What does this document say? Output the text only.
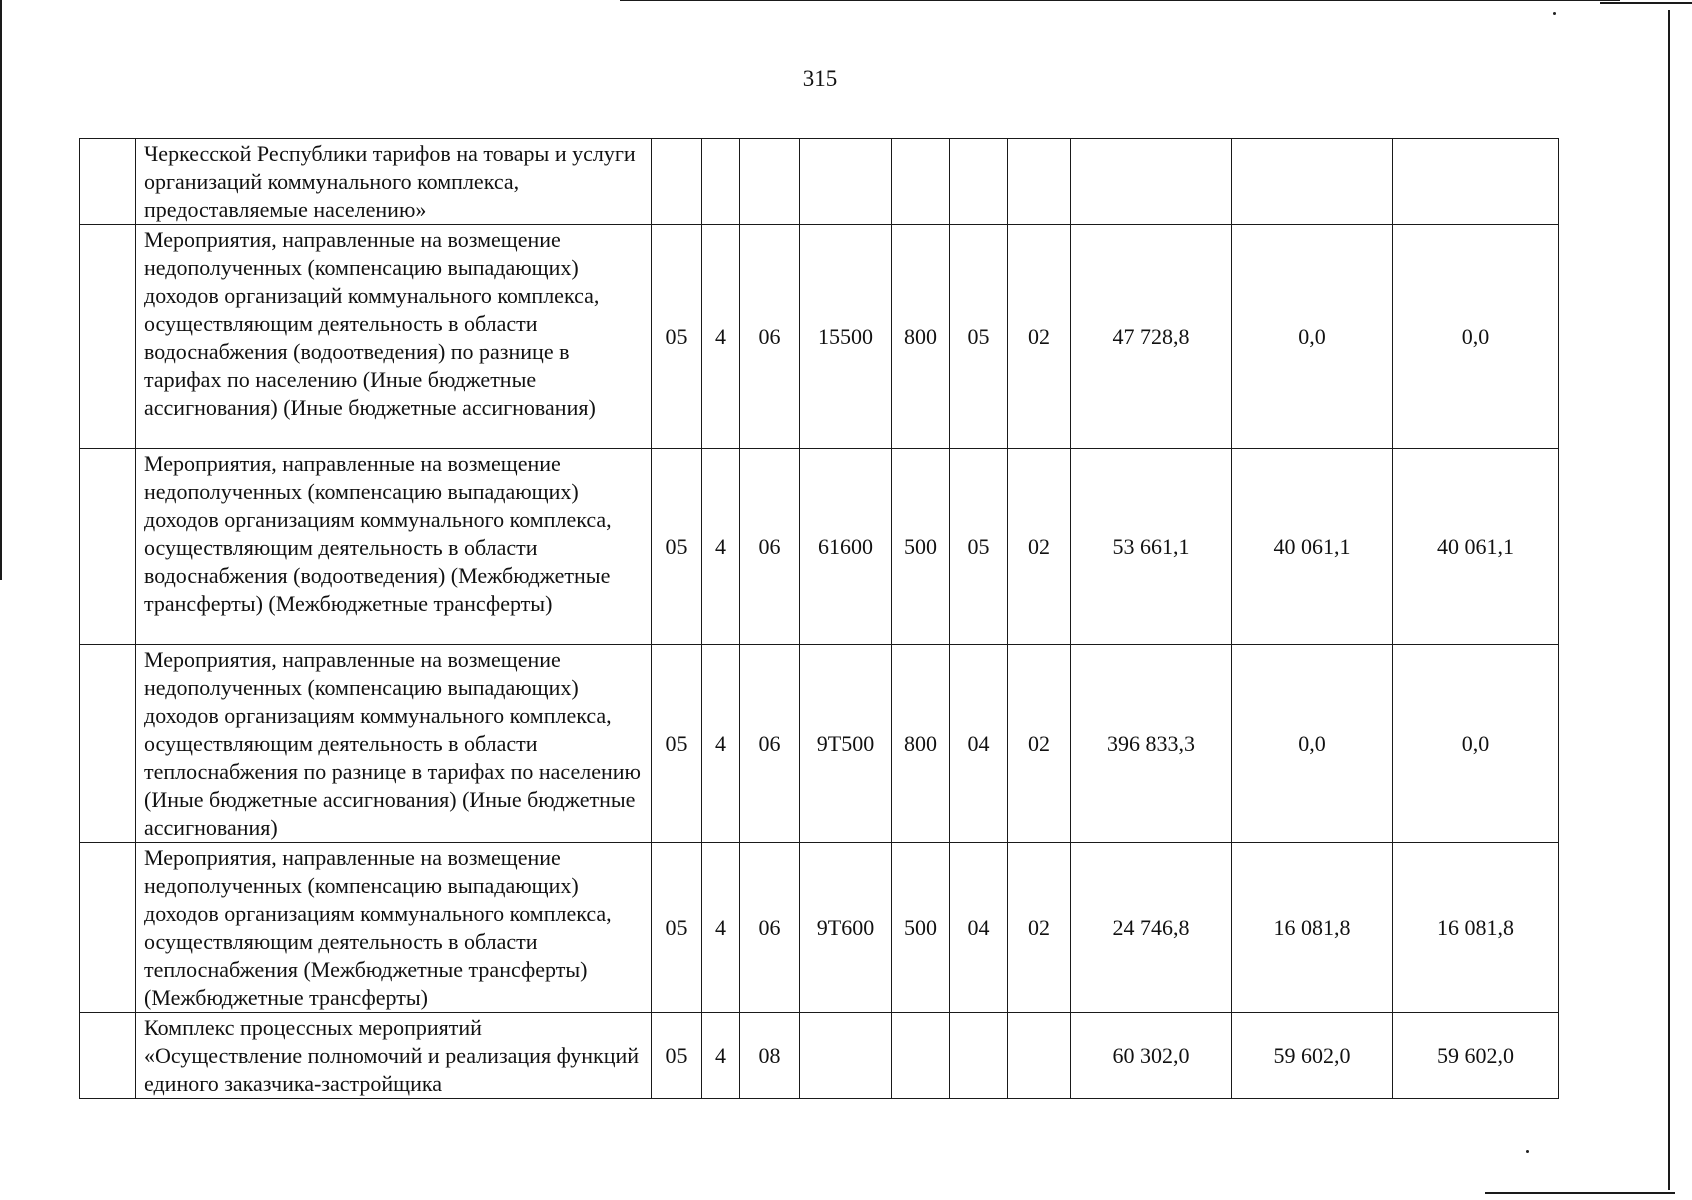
315
	Черкесской Республики тарифов на товары и услуги организаций коммунального комплекса, предоставляемые населению»										
	Мероприятия, направленные на возмещение недополученных (компенсацию выпадающих) доходов организаций коммунального комплекса, осуществляющим деятельность в области водоснабжения (водоотведения) по разнице в тарифах по населению (Иные бюджетные ассигнования) (Иные бюджетные ассигнования)	05	4	06	15500	800	05	02	47 728,8	0,0	0,0
	Мероприятия, направленные на возмещение недополученных (компенсацию выпадающих) доходов организациям коммунального комплекса, осуществляющим деятельность в области водоснабжения (водоотведения) (Межбюджетные трансферты) (Межбюджетные трансферты)	05	4	06	61600	500	05	02	53 661,1	40 061,1	40 061,1
	Мероприятия, направленные на возмещение недополученных (компенсацию выпадающих) доходов организациям коммунального комплекса, осуществляющим деятельность в области теплоснабжения по разнице в тарифах по населению (Иные бюджетные ассигнования) (Иные бюджетные ассигнования)	05	4	06	9Т500	800	04	02	396 833,3	0,0	0,0
	Мероприятия, направленные на возмещение недополученных (компенсацию выпадающих) доходов организациям коммунального комплекса, осуществляющим деятельность в области теплоснабжения (Межбюджетные трансферты) (Межбюджетные трансферты)	05	4	06	9Т600	500	04	02	24 746,8	16 081,8	16 081,8
	Комплекс процессных мероприятий «Осуществление полномочий и реализация функций единого заказчика-застройщика	05	4	08					60 302,0	59 602,0	59 602,0
